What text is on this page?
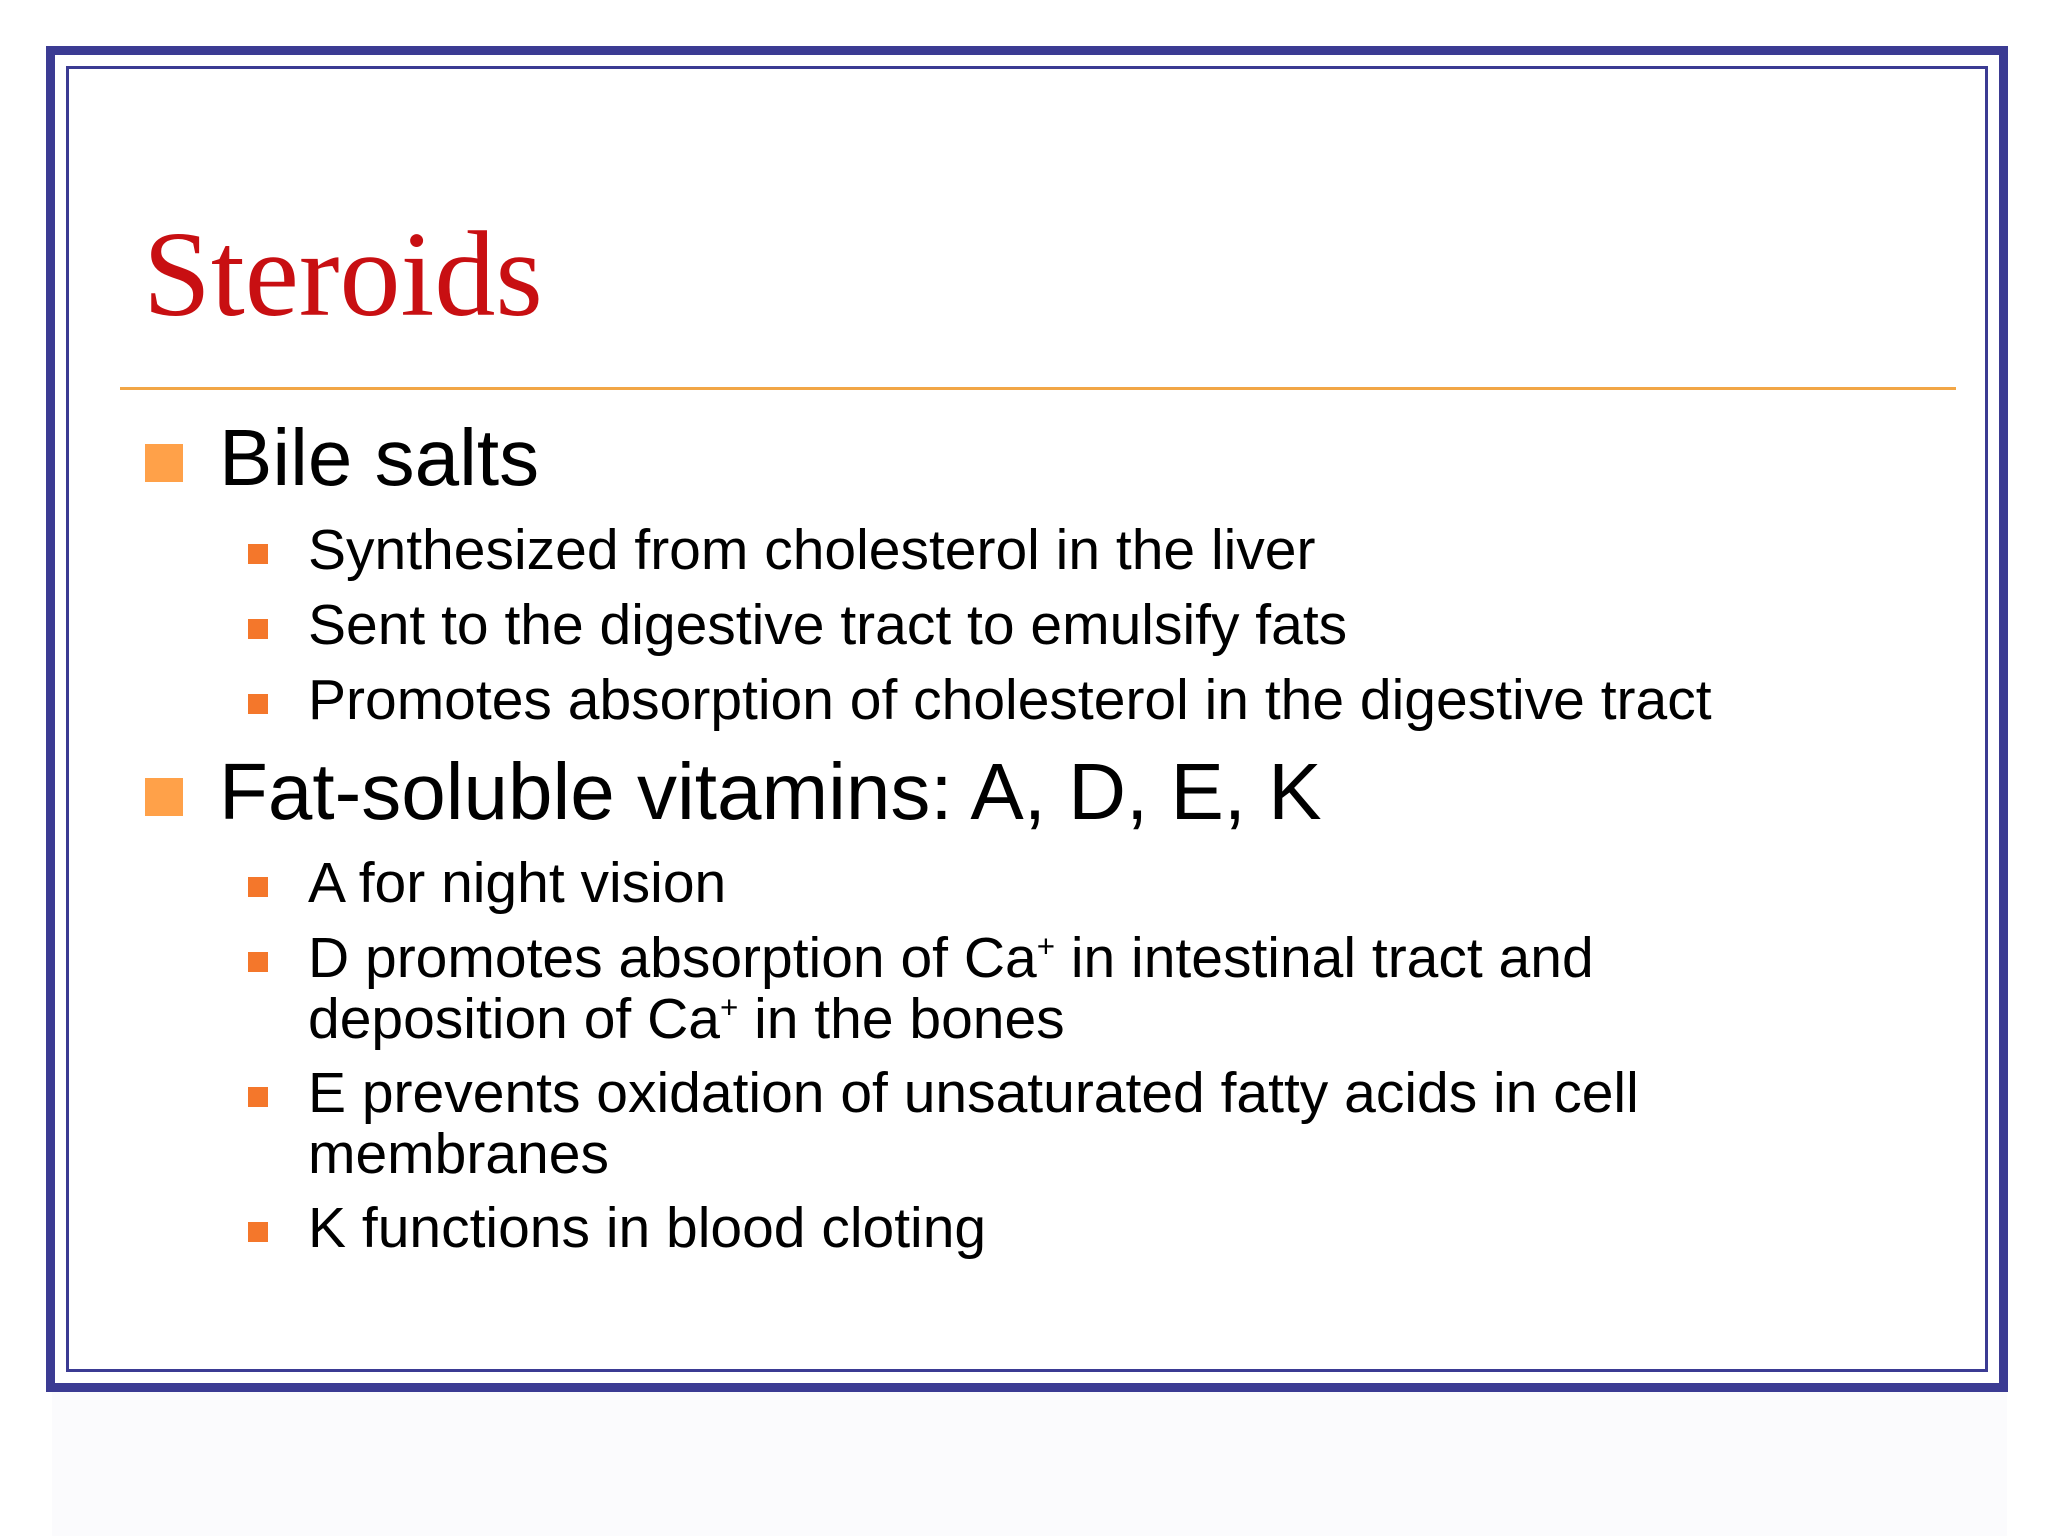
Steroids
Bile salts
Synthesized from cholesterol in the liver
Sent to the digestive tract to emulsify fats
Promotes absorption of cholesterol in the digestive tract
Fat-soluble vitamins: A, D, E, K
A for night vision
D promotes absorption of Ca+ in intestinal tract and
deposition of Ca+ in the bones
E prevents oxidation of unsaturated fatty acids in cell
membranes
K functions in blood cloting
